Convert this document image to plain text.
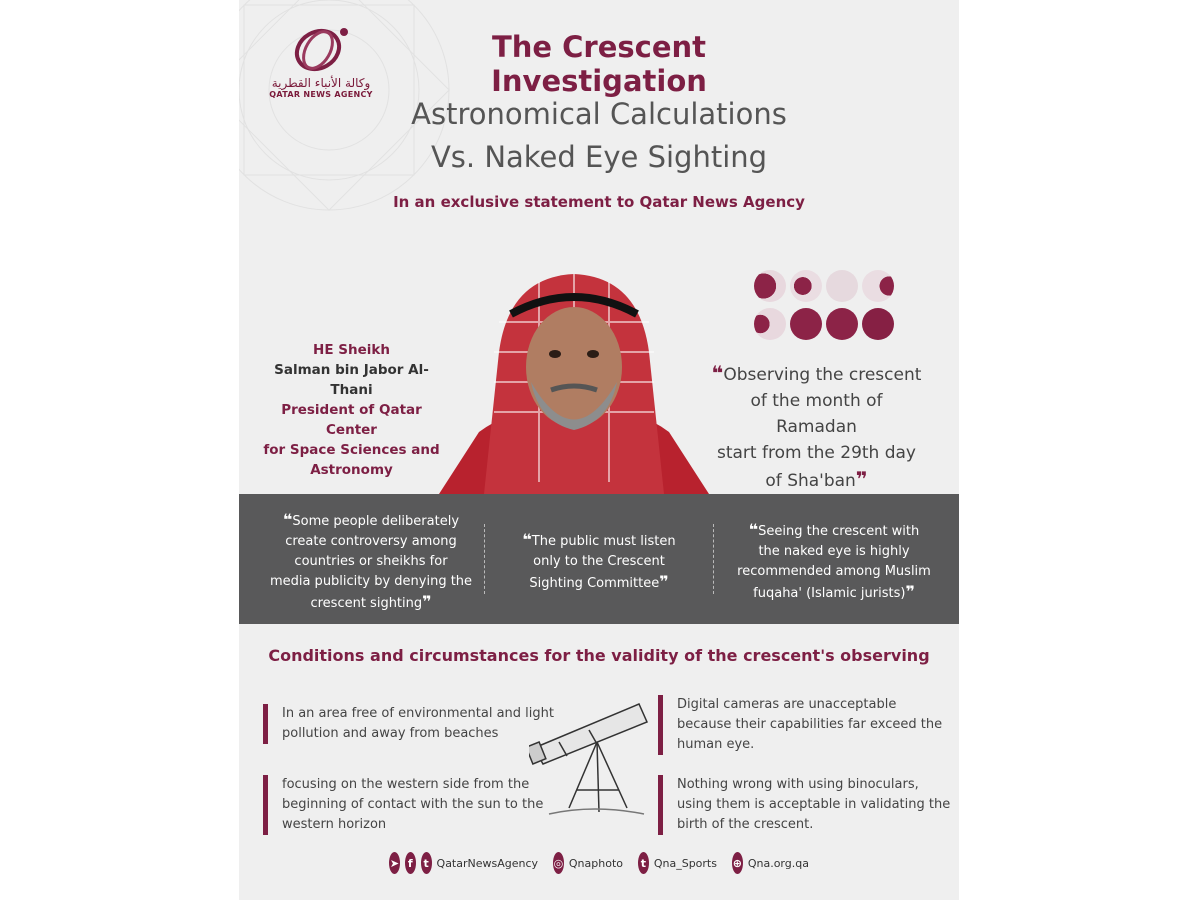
وكالة الأنباء القطرية
QATAR NEWS AGENCY
The Crescent Investigation
Astronomical Calculations
Vs. Naked Eye Sighting
In an exclusive statement to Qatar News Agency
HE Sheikh
Salman bin Jabor Al-Thani
President of Qatar Center
for Space Sciences and
Astronomy
❝Observing the crescent
of the month of Ramadan
start from the 29th day
of Sha'ban❞
❝Some people deliberately
create controversy among
countries or sheikhs for
media publicity by denying the
crescent sighting❞
❝The public must listen
only to the Crescent
Sighting Committee❞
❝Seeing the crescent with
the naked eye is highly
recommended among Muslim
fuqaha' (Islamic jurists)❞
Conditions and circumstances for the validity of the crescent's observing
In an area free of environmental and light
pollution and away from beaches
focusing on the western side from the
beginning of contact with the sun to the
western horizon
Digital cameras are unacceptable
because their capabilities far exceed the
human eye.
Nothing wrong with using binoculars,
using them is acceptable in validating the
birth of the crescent.
➤ f t QatarNewsAgency ◎ Qnaphoto t Qna_Sports ⊕ Qna.org.qa
